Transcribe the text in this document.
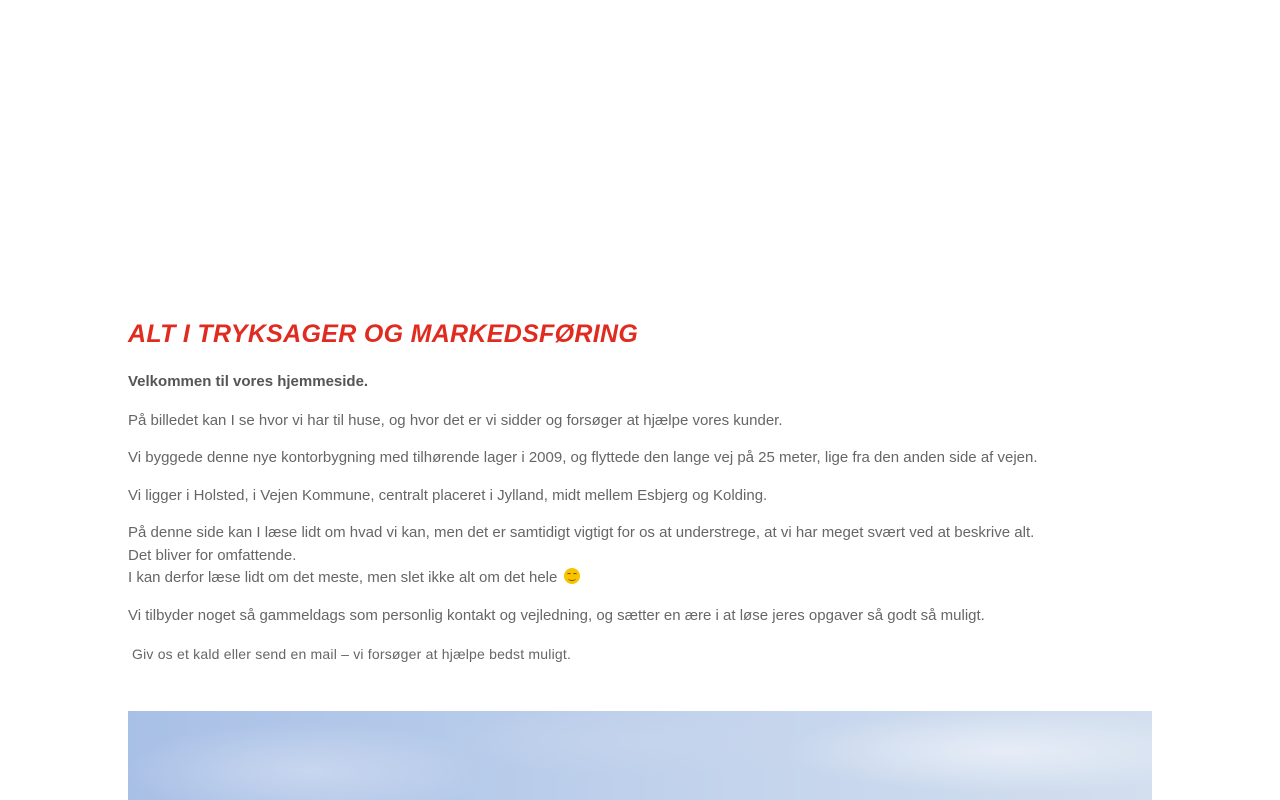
ALT I TRYKSAGER OG MARKEDSFØRING

Velkommen til vores hjemmeside.

På billedet kan I se hvor vi har til huse, og hvor det er vi sidder og forsøger at hjælpe vores kunder.

Vi byggede denne nye kontorbygning med tilhørende lager i 2009, og flyttede den lange vej på 25 meter, lige fra den anden side af vejen.

Vi ligger i Holsted, i Vejen Kommune, centralt placeret i Jylland, midt mellem Esbjerg og Kolding.

På denne side kan I læse lidt om hvad vi kan, men det er samtidigt vigtigt for os at understrege, at vi har meget svært ved at beskrive alt.
Det bliver for omfattende.
I kan derfor læse lidt om det meste, men slet ikke alt om det hele

Vi tilbyder noget så gammeldags som personlig kontakt og vejledning, og sætter en ære i at løse jeres opgaver så godt så muligt.

Giv os et kald eller send en mail – vi forsøger at hjælpe bedst muligt.
